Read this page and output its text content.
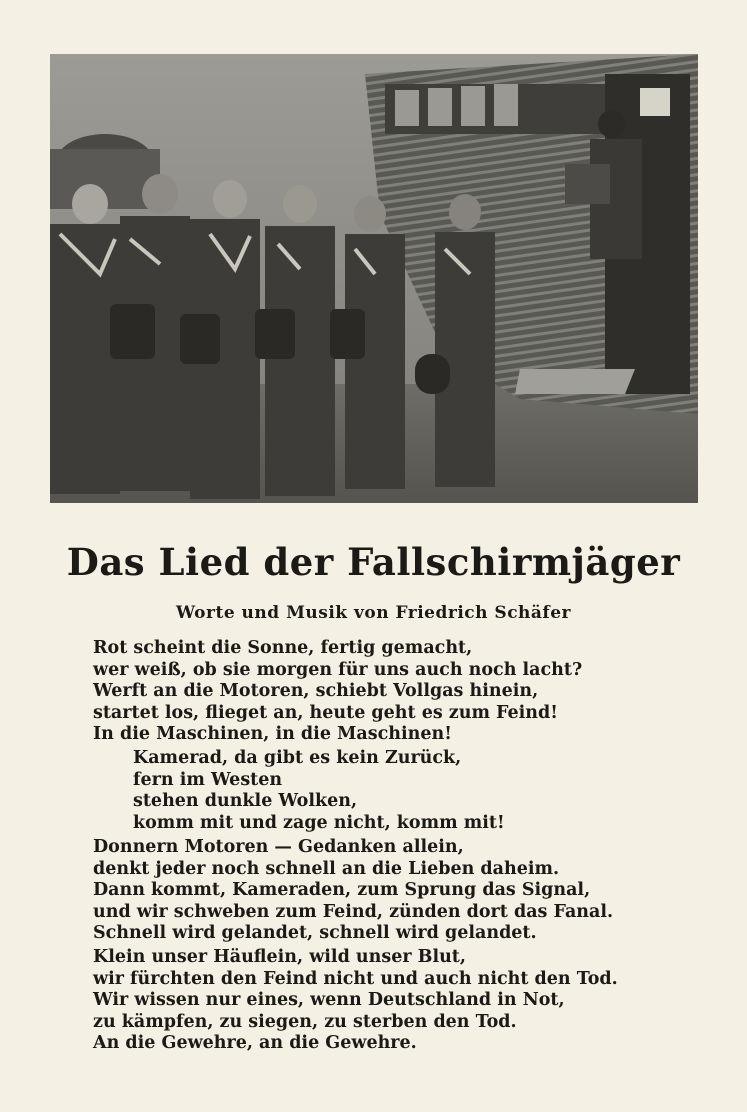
Das Lied der Fallschirmjäger

Worte und Musik von Friedrich Schäfer

Rot scheint die Sonne, fertig gemacht,
wer weiß, ob sie morgen für uns auch noch lacht?
Werft an die Motoren, schiebt Vollgas hinein,
startet los, flieget an, heute geht es zum Feind!
In die Maschinen, in die Maschinen!
Kamerad, da gibt es kein Zurück,
fern im Westen
stehen dunkle Wolken,
komm mit und zage nicht, komm mit!
Donnern Motoren — Gedanken allein,
denkt jeder noch schnell an die Lieben daheim.
Dann kommt, Kameraden, zum Sprung das Signal,
und wir schweben zum Feind, zünden dort das Fanal.
Schnell wird gelandet, schnell wird gelandet.
Klein unser Häuflein, wild unser Blut,
wir fürchten den Feind nicht und auch nicht den Tod.
Wir wissen nur eines, wenn Deutschland in Not,
zu kämpfen, zu siegen, zu sterben den Tod.
An die Gewehre, an die Gewehre.
